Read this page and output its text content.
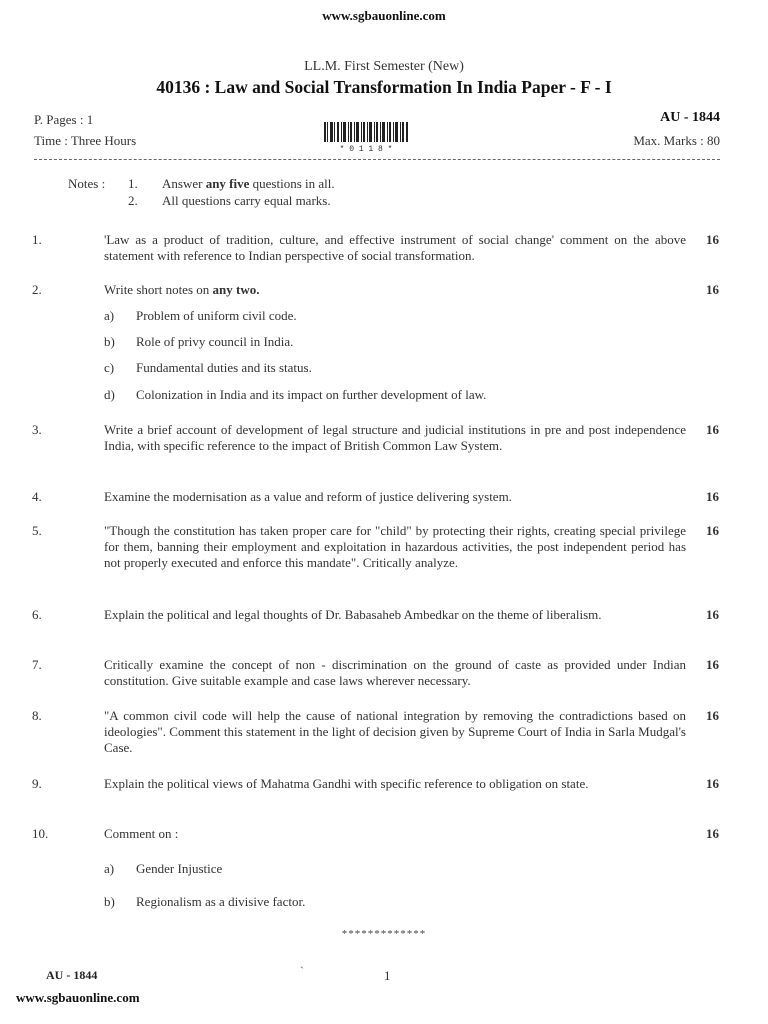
www.sgbauonline.com
LL.M. First Semester (New)
40136 : Law and Social Transformation In India Paper - F - I
P. Pages : 1
Time : Three Hours
AU - 1844
Max. Marks : 80
* 0 1 1 8 *
Notes : 1. Answer any five questions in all.
2. All questions carry equal marks.
1.	'Law as a product of tradition, culture, and effective instrument of social change' comment on the above statement with reference to Indian perspective of social transformation.
16
2.	Write short notes on any two.	16
a) Problem of uniform civil code.
b) Role of privy council in India.
c) Fundamental duties and its status.
d) Colonization in India and its impact on further development of law.
3.	Write a brief account of development of legal structure and judicial institutions in pre and post independence India, with specific reference to the impact of British Common Law System.
16
4.	Examine the modernisation as a value and reform of justice delivering system.	16
5.	"Though the constitution has taken proper care for "child" by protecting their rights, creating special privilege for them, banning their employment and exploitation in hazardous activities, the post independent period has not properly executed and enforce this mandate". Critically analyze.
16
6.	Explain the political and legal thoughts of Dr. Babasaheb Ambedkar on the theme of liberalism.	16
7.	Critically examine the concept of non - discrimination on the ground of caste as provided under Indian constitution. Give suitable example and case laws wherever necessary.
16
8.	"A common civil code will help the cause of national integration by removing the contradictions based on ideologies". Comment this statement in the light of decision given by Supreme Court of India in Sarla Mudgal's Case.
16
9.	Explain the political views of Mahatma Gandhi with specific reference to obligation on state.	16
10.	Comment on :	16
a) Gender Injustice
b) Regionalism as a divisive factor.
*************
AU - 1844	`	1
www.sgbauonline.com
